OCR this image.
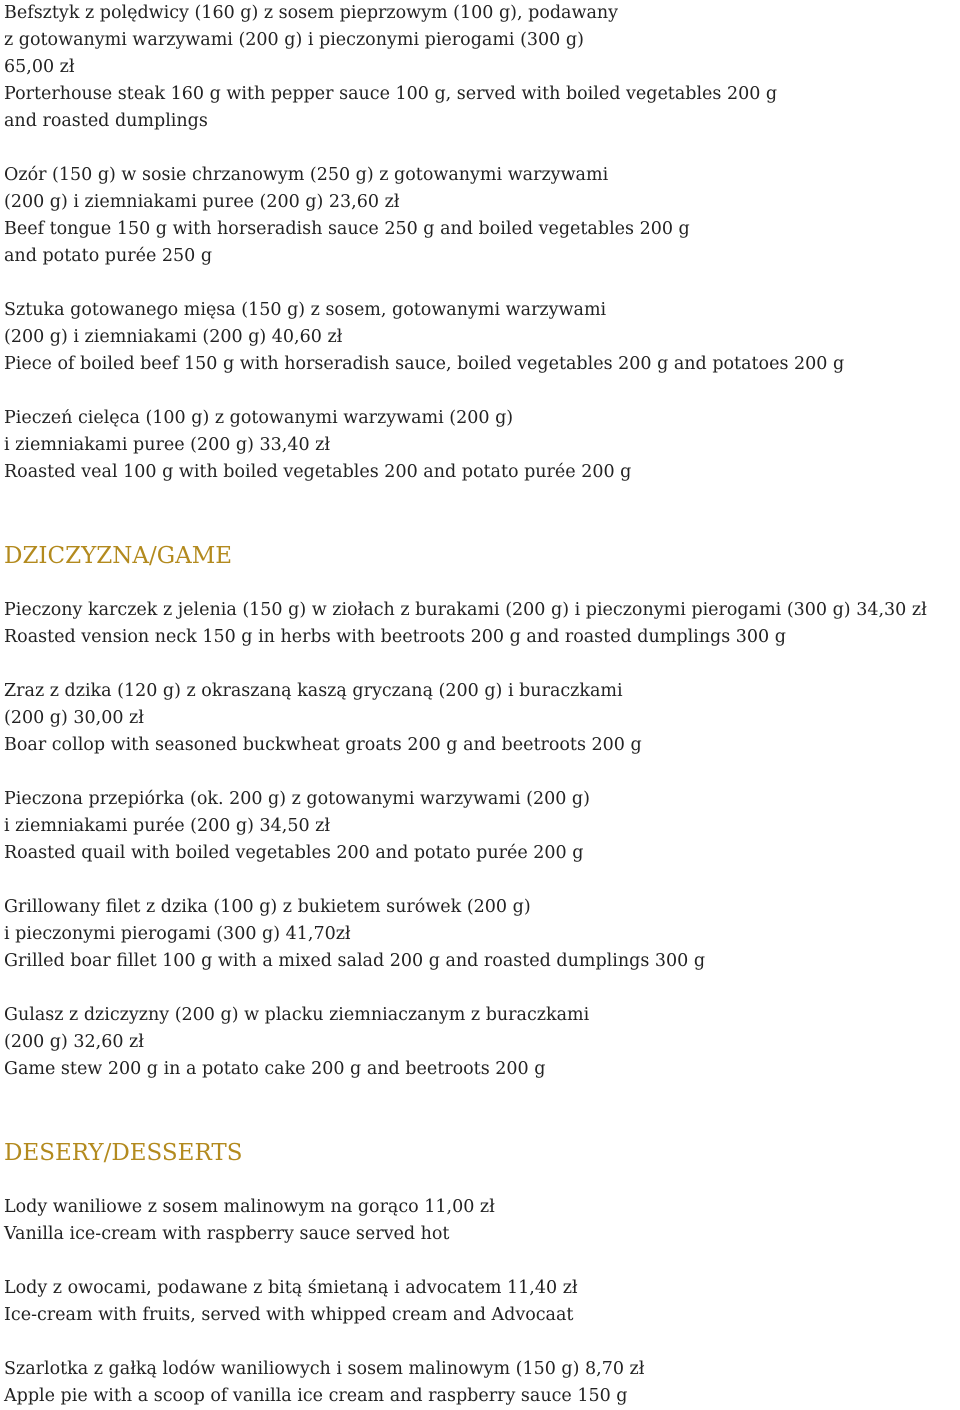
Befsztyk z polędwicy (160 g) z sosem pieprzowym (100 g), podawany
z gotowanymi warzywami (200 g) i pieczonymi pierogami (300 g)
65,00 zł
Porterhouse steak 160 g with pepper sauce 100 g, served with boiled vegetables 200 g
and roasted dumplings
Ozór (150 g) w sosie chrzanowym (250 g) z gotowanymi warzywami
(200 g) i ziemniakami puree (200 g) 23,60 zł
Beef tongue 150 g with horseradish sauce 250 g and boiled vegetables 200 g
and potato purée 250 g
Sztuka gotowanego mięsa (150 g) z sosem, gotowanymi warzywami
(200 g) i ziemniakami (200 g) 40,60 zł
Piece of boiled beef 150 g with horseradish sauce, boiled vegetables 200 g and potatoes 200 g
Pieczeń cielęca (100 g) z gotowanymi warzywami (200 g)
i ziemniakami puree (200 g) 33,40 zł
Roasted veal 100 g with boiled vegetables 200 and potato purée 200 g
DZICZYZNA/GAME
Pieczony karczek z jelenia (150 g) w ziołach z burakami (200 g) i pieczonymi pierogami (300 g) 34,30 zł
Roasted vension neck 150 g in herbs with beetroots 200 g and roasted dumplings 300 g
Zraz z dzika (120 g) z okraszaną kaszą gryczaną (200 g) i buraczkami
(200 g) 30,00 zł
Boar collop with seasoned buckwheat groats 200 g and beetroots 200 g
Pieczona przepiórka (ok. 200 g) z gotowanymi warzywami (200 g)
i ziemniakami purée (200 g) 34,50 zł
Roasted quail with boiled vegetables 200 and potato purée 200 g
Grillowany filet z dzika (100 g) z bukietem surówek (200 g)
i pieczonymi pierogami (300 g) 41,70zł
Grilled boar fillet 100 g with a mixed salad 200 g and roasted dumplings 300 g
Gulasz z dziczyzny (200 g) w placku ziemniaczanym z buraczkami
(200 g) 32,60 zł
Game stew 200 g in a potato cake 200 g and beetroots 200 g
DESERY/DESSERTS
Lody waniliowe z sosem malinowym na gorąco 11,00 zł
Vanilla ice-cream with raspberry sauce served hot
Lody z owocami, podawane z bitą śmietaną i advocatem 11,40 zł
Ice-cream with fruits, served with whipped cream and Advocaat
Szarlotka z gałką lodów waniliowych i sosem malinowym (150 g) 8,70 zł
Apple pie with a scoop of vanilla ice cream and raspberry sauce 150 g
